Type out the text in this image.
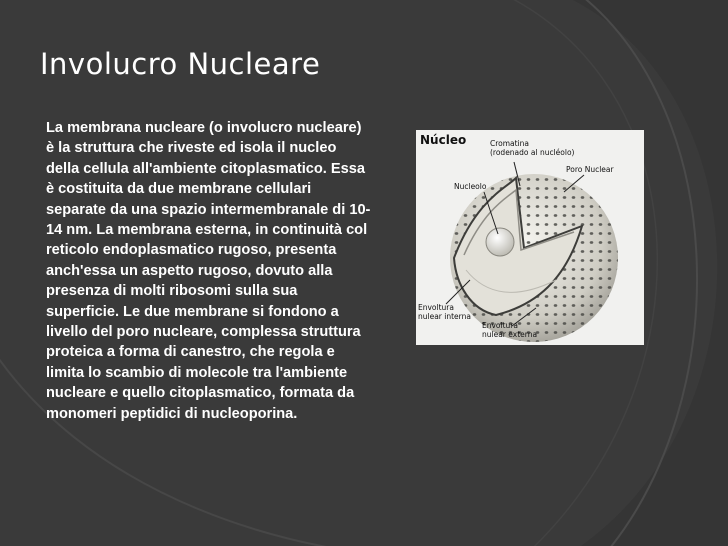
Involucro Nucleare

La membrana nucleare (o involucro nucleare) è la struttura che riveste ed isola il nucleo della cellula all'ambiente citoplasmatico. Essa è costituita da due membrane cellulari separate da una spazio intermembranale di 10-14 nm. La membrana esterna, in continuità col reticolo endoplasmatico rugoso, presenta anch'essa un aspetto rugoso, dovuto alla presenza di molti ribosomi sulla sua superficie. Le due membrane si fondono a livello del poro nucleare, complessa struttura proteica a forma di canestro, che regola e limita lo scambio di molecole tra l'ambiente nucleare e quello citoplasmatico, formata da monomeri peptidici di nucleoporina.

Núcleo	Cromatina
(rodenado al nucléolo)
Poro Nuclear
Nucleolo
Envoltura
nulear interna
Envoltura
nulear externa
